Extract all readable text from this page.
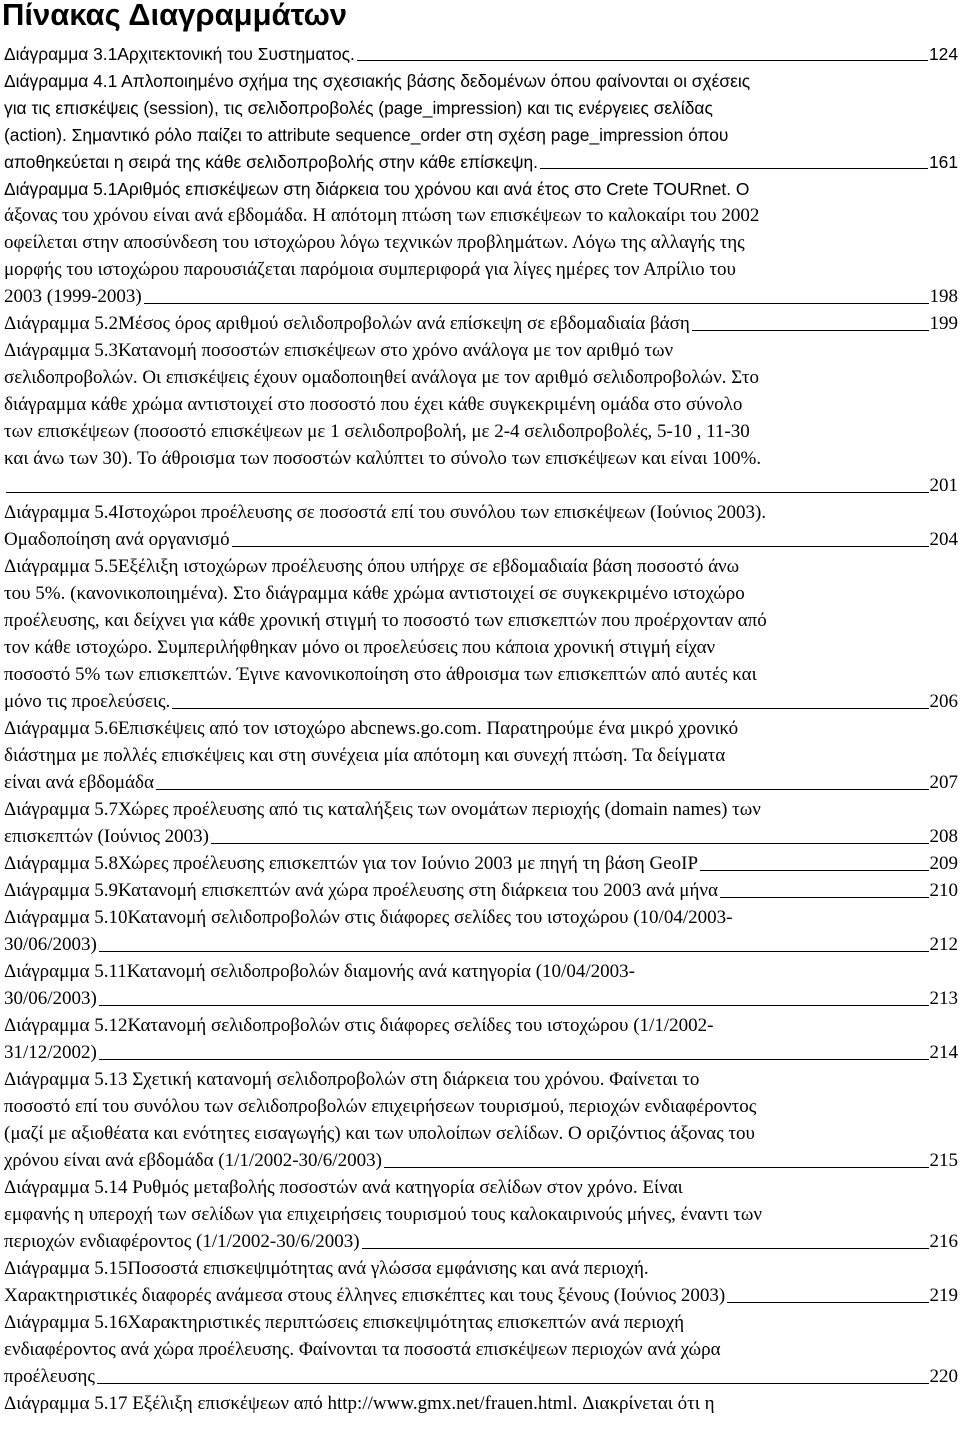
Πίνακας Διαγραμμάτων
Διάγραμμα 3.1Αρχιτεκτονική του Συστηματος.	124
Διάγραμμα 4.1 Απλοποιημένο σχήμα της σχεσιακής βάσης δεδομένων όπου φαίνονται οι σχέσεις
για τις επισκέψεις (session), τις σελιδοπροβολές (page_impression) και τις ενέργειες σελίδας
(action). Σημαντικό ρόλο παίζει το attribute sequence_order στη σχέση page_impression όπου
αποθηκεύεται η σειρά της κάθε σελιδοπροβολής στην κάθε επίσκεψη.	161
Διάγραμμα 5.1Αριθμός επισκέψεων στη διάρκεια του χρόνου και ανά έτος στο Crete TOURnet. Ο
άξονας του χρόνου είναι ανά εβδομάδα. Η απότομη πτώση των επισκέψεων το καλοκαίρι του 2002
οφείλεται στην αποσύνδεση του ιστοχώρου λόγω τεχνικών προβλημάτων. Λόγω της αλλαγής της
μορφής του ιστοχώρου παρουσιάζεται παρόμοια συμπεριφορά για λίγες ημέρες τον Απρίλιο του
2003 (1999-2003)	198
Διάγραμμα 5.2Μέσος όρος αριθμού σελιδοπροβολών ανά επίσκεψη σε εβδομαδιαία βάση	199
Διάγραμμα 5.3Κατανομή ποσοστών επισκέψεων στο χρόνο ανάλογα με τον αριθμό των
σελιδοπροβολών. Οι επισκέψεις έχουν ομαδοποιηθεί ανάλογα με τον αριθμό σελιδοπροβολών. Στο
διάγραμμα κάθε χρώμα αντιστοιχεί στο ποσοστό που έχει κάθε συγκεκριμένη ομάδα στο σύνολο
των επισκέψεων (ποσοστό επισκέψεων με 1 σελιδοπροβολή, με 2-4 σελιδοπροβολές, 5-10 , 11-30
και άνω των 30). Το άθροισμα των ποσοστών καλύπτει το σύνολο των επισκέψεων και είναι 100%.
201
Διάγραμμα 5.4Ιστοχώροι προέλευσης σε ποσοστά επί του συνόλου των επισκέψεων (Ιούνιος 2003).
Ομαδοποίηση ανά οργανισμό	204
Διάγραμμα 5.5Εξέλιξη ιστοχώρων προέλευσης όπου υπήρχε σε εβδομαδιαία βάση ποσοστό άνω
του 5%. (κανονικοποιημένα). Στο διάγραμμα κάθε χρώμα αντιστοιχεί σε συγκεκριμένο ιστοχώρο
προέλευσης, και δείχνει για κάθε χρονική στιγμή το ποσοστό των επισκεπτών που προέρχονταν από
τον κάθε ιστοχώρο. Συμπεριλήφθηκαν μόνο οι προελεύσεις που κάποια χρονική στιγμή είχαν
ποσοστό 5% των επισκεπτών. Έγινε κανονικοποίηση στο άθροισμα των επισκεπτών από αυτές και
μόνο τις προελεύσεις.	206
Διάγραμμα 5.6Επισκέψεις από τον ιστοχώρο abcnews.go.com. Παρατηρούμε ένα μικρό χρονικό
διάστημα με πολλές επισκέψεις και στη συνέχεια μία απότομη και συνεχή πτώση. Τα δείγματα
είναι ανά εβδομάδα	207
Διάγραμμα 5.7Χώρες προέλευσης από τις καταλήξεις των ονομάτων περιοχής (domain names) των
επισκεπτών (Ιούνιος 2003)	208
Διάγραμμα 5.8Χώρες προέλευσης επισκεπτών για τον Ιούνιο 2003 με πηγή τη βάση GeoIP	209
Διάγραμμα 5.9Κατανομή επισκεπτών ανά χώρα προέλευσης στη διάρκεια του 2003 ανά μήνα	210
Διάγραμμα 5.10Κατανομή σελιδοπροβολών στις διάφορες σελίδες του ιστοχώρου (10/04/2003-
30/06/2003)	212
Διάγραμμα 5.11Κατανομή σελιδοπροβολών διαμονής ανά κατηγορία (10/04/2003-
30/06/2003)	213
Διάγραμμα 5.12Κατανομή σελιδοπροβολών στις διάφορες σελίδες του ιστοχώρου (1/1/2002-
31/12/2002)	214
Διάγραμμα 5.13 Σχετική κατανομή σελιδοπροβολών στη διάρκεια του χρόνου. Φαίνεται το
ποσοστό επί του συνόλου των σελιδοπροβολών επιχειρήσεων τουρισμού, περιοχών ενδιαφέροντος
(μαζί με αξιοθέατα και ενότητες εισαγωγής) και των υπολοίπων σελίδων. Ο οριζόντιος άξονας του
χρόνου είναι ανά εβδομάδα (1/1/2002-30/6/2003)	215
Διάγραμμα 5.14 Ρυθμός μεταβολής ποσοστών ανά κατηγορία σελίδων στον χρόνο. Είναι
εμφανής η υπεροχή των σελίδων για επιχειρήσεις τουρισμού τους καλοκαιρινούς μήνες, έναντι των
περιοχών ενδιαφέροντος (1/1/2002-30/6/2003)	216
Διάγραμμα 5.15Ποσοστά επισκεψιμότητας ανά γλώσσα εμφάνισης και ανά περιοχή.
Χαρακτηριστικές διαφορές ανάμεσα στους έλληνες επισκέπτες και τους ξένους (Ιούνιος 2003)	219
Διάγραμμα 5.16Χαρακτηριστικές περιπτώσεις επισκεψιμότητας επισκεπτών ανά περιοχή
ενδιαφέροντος ανά χώρα προέλευσης. Φαίνονται τα ποσοστά επισκέψεων περιοχών ανά χώρα
προέλευσης	220
Διάγραμμα 5.17 Εξέλιξη επισκέψεων από http://www.gmx.net/frauen.html. Διακρίνεται ότι η
